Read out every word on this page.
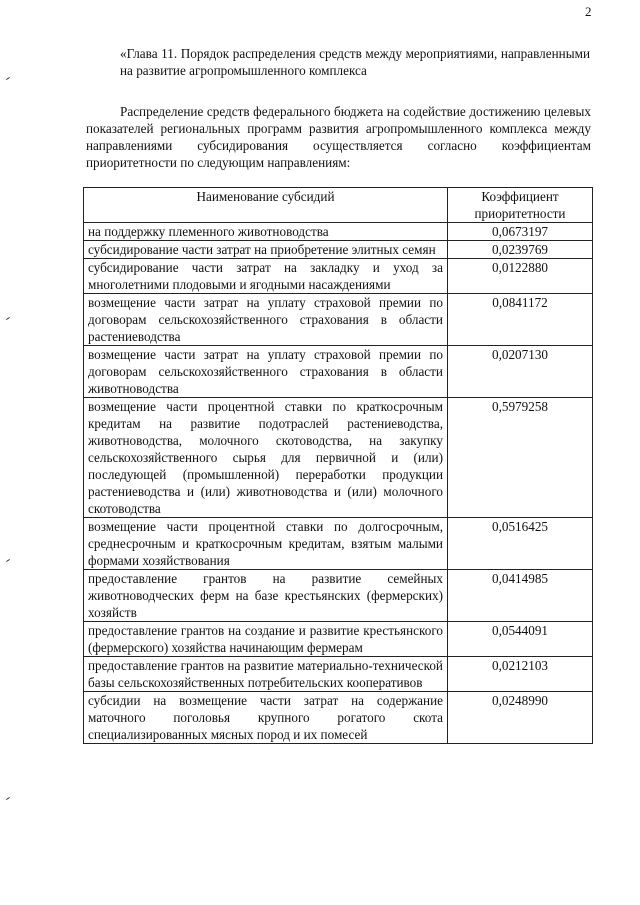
2
«Глава 11. Порядок распределения средств между мероприятиями, направленными на развитие агропромышленного комплекса
Распределение средств федерального бюджета на содействие достижению целевых показателей региональных программ развития агропромышленного комплекса между направлениями субсидирования осуществляется согласно коэффициентам приоритетности по следующим направлениям:
Наименование субсидий	Коэффициент приоритетности
на поддержку племенного животноводства	0,0673197
субсидирование части затрат на приобретение элитных семян	0,0239769
субсидирование части затрат на закладку и уход за многолетними плодовыми и ягодными насаждениями	0,0122880
возмещение части затрат на уплату страховой премии по договорам сельскохозяйственного страхования в области растениеводства	0,0841172
возмещение части затрат на уплату страховой премии по договорам сельскохозяйственного страхования в области животноводства	0,0207130
возмещение части процентной ставки по краткосрочным кредитам на развитие подотраслей растениеводства, животноводства, молочного скотоводства, на закупку сельскохозяйственного сырья для первичной и (или) последующей (промышленной) переработки продукции растениеводства и (или) животноводства и (или) молочного скотоводства	0,5979258
возмещение части процентной ставки по долгосрочным, среднесрочным и краткосрочным кредитам, взятым малыми формами хозяйствования	0,0516425
предоставление грантов на развитие семейных животноводческих ферм на базе крестьянских (фермерских) хозяйств	0,0414985
предоставление грантов на создание и развитие крестьянского (фермерского) хозяйства начинающим фермерам	0,0544091
предоставление грантов на развитие материально-технической базы сельскохозяйственных потребительских кооперативов	0,0212103
субсидии на возмещение части затрат на содержание маточного поголовья крупного рогатого скота специализированных мясных пород и их помесей	0,0248990
